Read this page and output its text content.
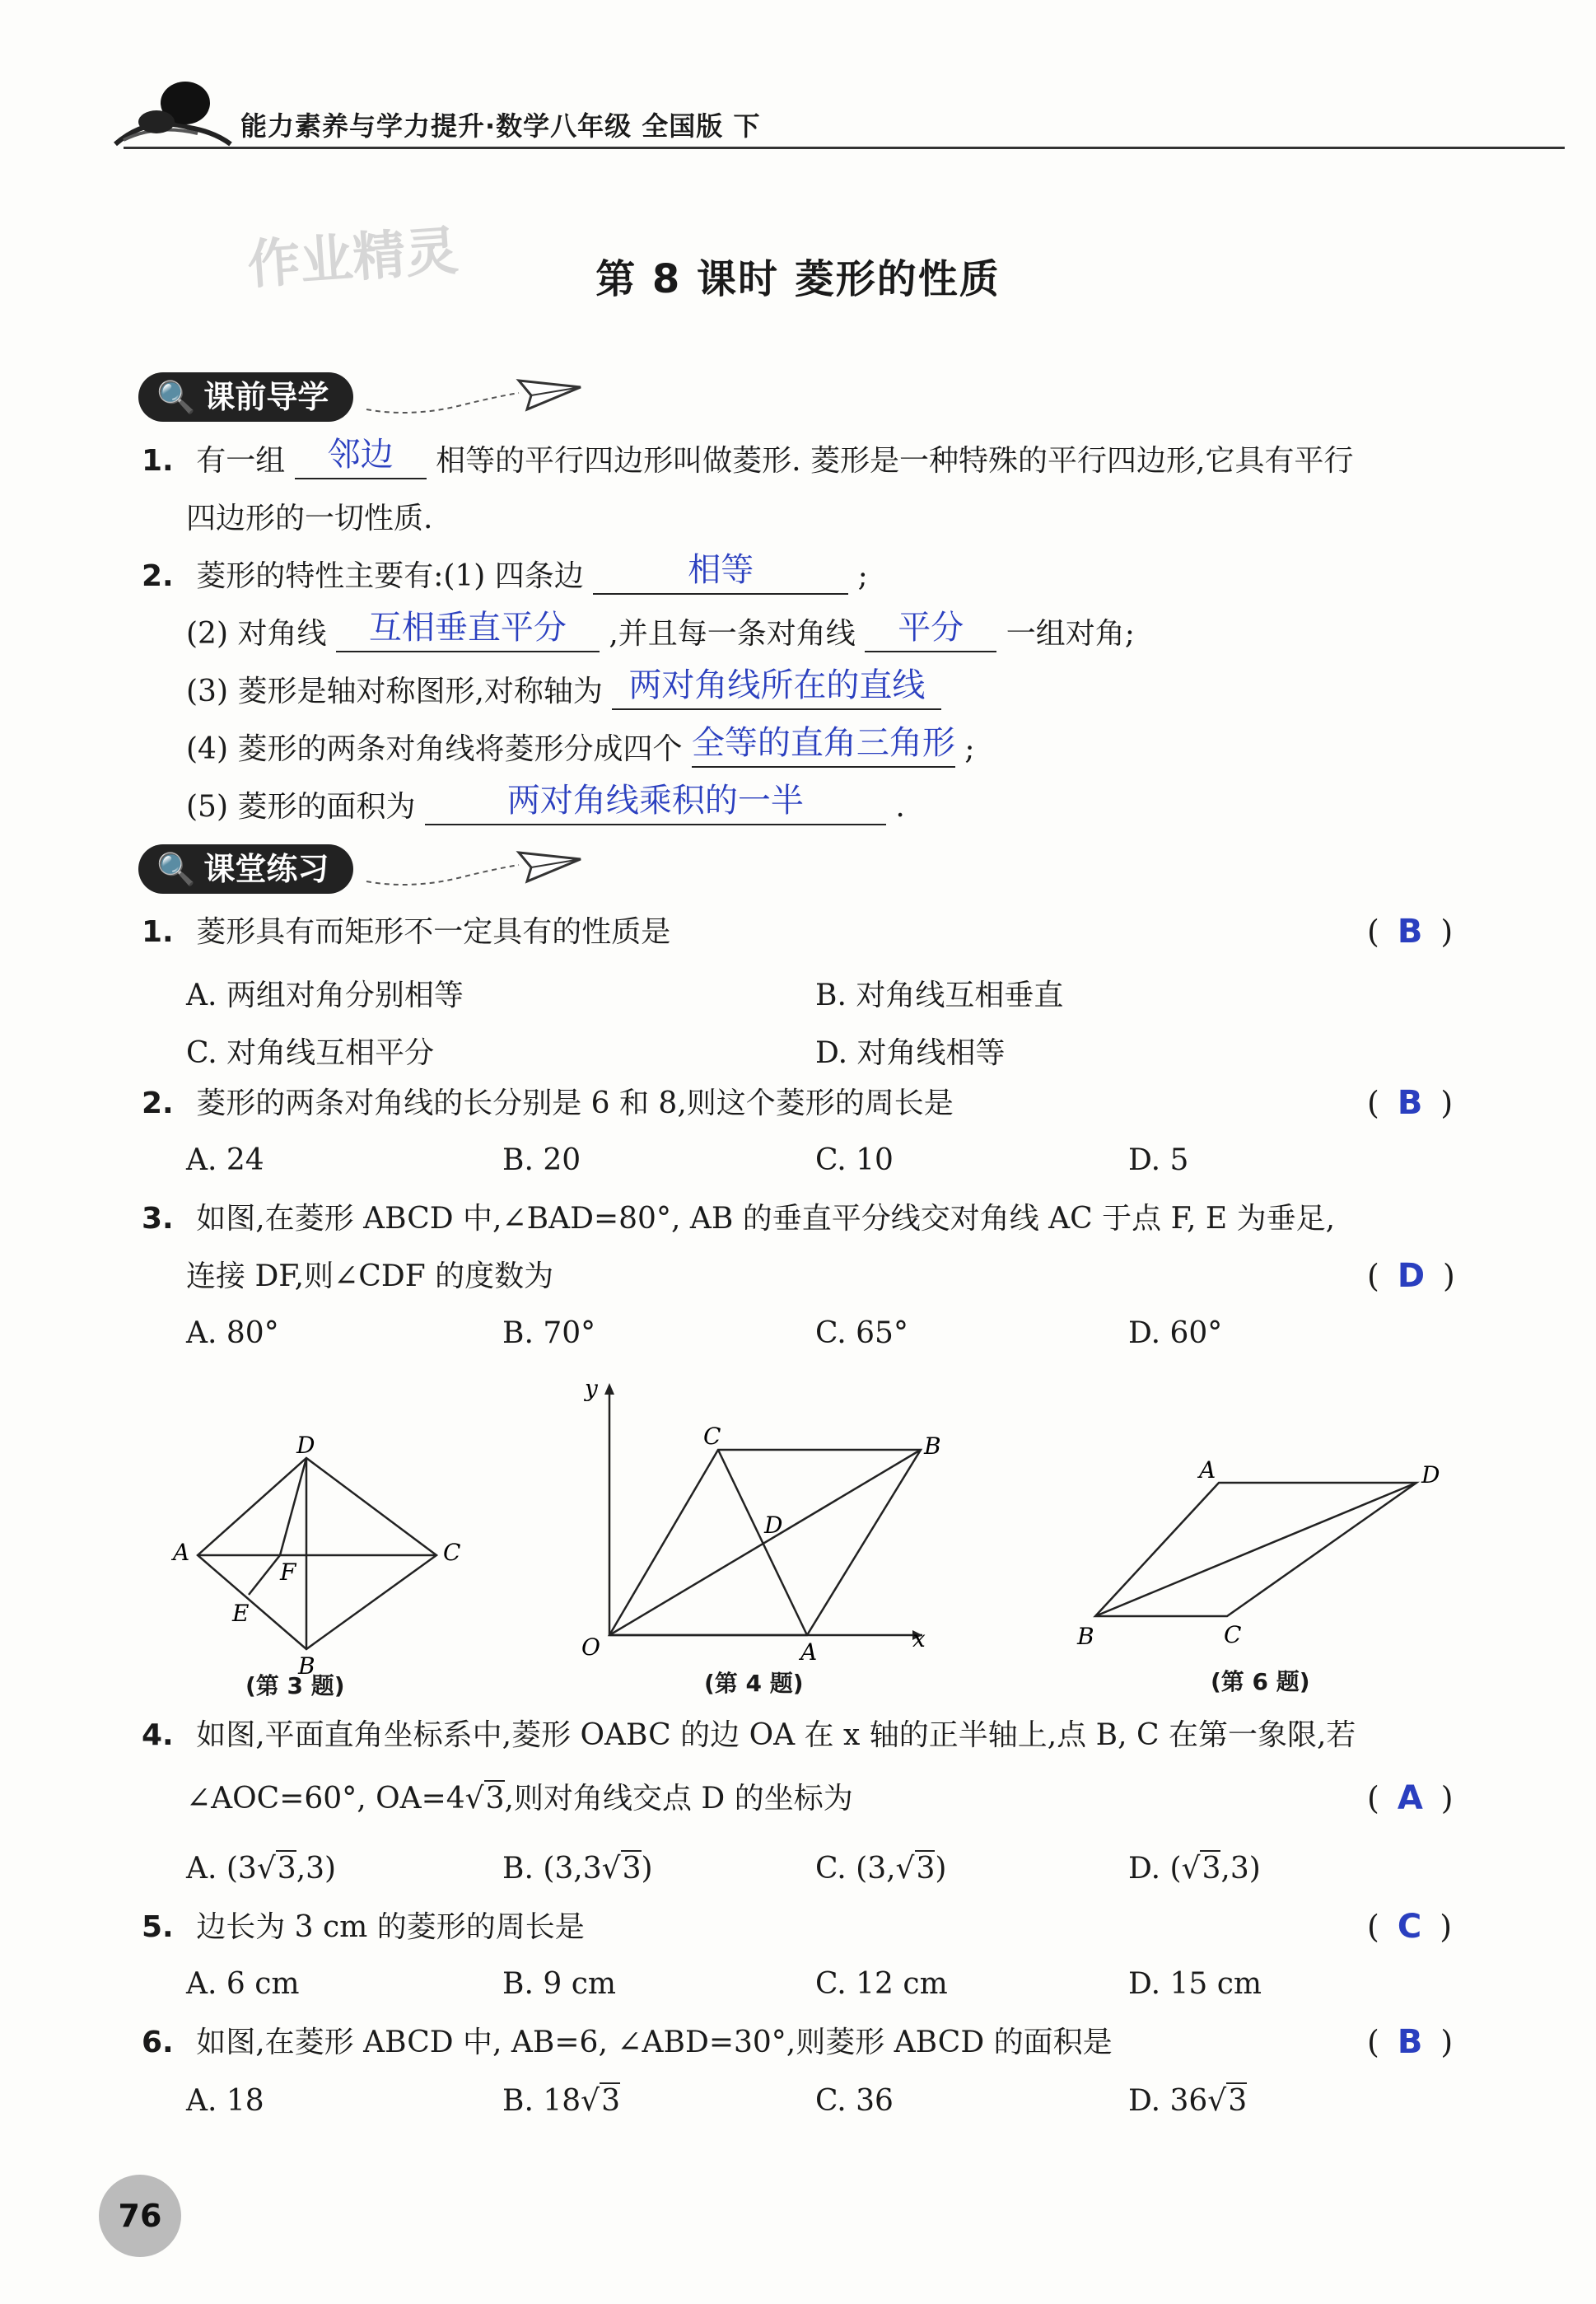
能力素养与学力提升·数学八年级 全国版 下
作业精灵	第 8 课时 菱形的性质
🔍 课前导学
1. 有一组	邻边	相等的平行四边形叫做菱形. 菱形是一种特殊的平行四边形,它具有平行
四边形的一切性质.
2. 菱形的特性主要有:(1) 四条边	相等	;
(2) 对角线	互相垂直平分	,并且每一条对角线	平分	一组对角;
(3) 菱形是轴对称图形,对称轴为 两对角线所在的直线
(4) 菱形的两条对角线将菱形分成四个 全等的直角三角形 ;
(5) 菱形的面积为	两对角线乘积的一半	.
🔍 课堂练习
1. 菱形具有而矩形不一定具有的性质是	( B )
A. 两组对角分别相等	B. 对角线互相垂直
C. 对角线互相平分	D. 对角线相等
2. 菱形的两条对角线的长分别是 6 和 8,则这个菱形的周长是	( B )
A. 24	B. 20	C. 10	D. 5
3. 如图,在菱形 ABCD 中,∠BAD=80°, AB 的垂直平分线交对角线 AC 于点 F, E 为垂足,
连接 DF,则∠CDF 的度数为	( D )
A. 80°	B. 70°	C. 65°	D. 60°
D
A	C
B
E
F
(第 3 题)
O	A
B
C
D
x
y
(第 4 题)
A	D
B	C
(第 6 题)
4. 如图,平面直角坐标系中,菱形 OABC 的边 OA 在 x 轴的正半轴上,点 B, C 在第一象限,若
∠AOC=60°, OA=4√3,则对角线交点 D 的坐标为	( A )
A. (3√3,3)	B. (3,3√3)	C. (3,√3)	D. (√3,3)
5. 边长为 3 cm 的菱形的周长是	( C )
A. 6 cm	B. 9 cm	C. 12 cm	D. 15 cm
6. 如图,在菱形 ABCD 中, AB=6, ∠ABD=30°,则菱形 ABCD 的面积是	( B )
A. 18	B. 18√3	C. 36	D. 36√3
76
